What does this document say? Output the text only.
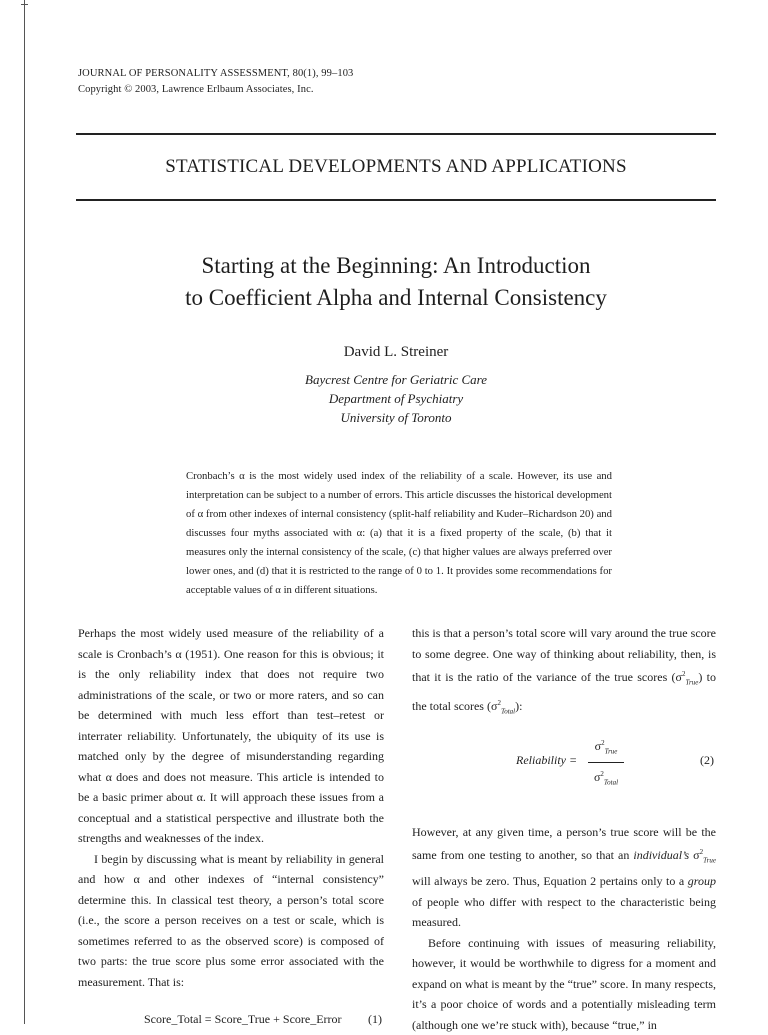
JOURNAL OF PERSONALITY ASSESSMENT, 80(1), 99–103
Copyright © 2003, Lawrence Erlbaum Associates, Inc.
STATISTICAL DEVELOPMENTS AND APPLICATIONS
Starting at the Beginning: An Introduction
to Coefficient Alpha and Internal Consistency
David L. Streiner
Baycrest Centre for Geriatric Care
Department of Psychiatry
University of Toronto

Cronbach’s α is the most widely used index of the reliability of a scale. However, its use and interpretation can be subject to a number of errors. This article discusses the historical development of α from other indexes of internal consistency (split-half reliability and Kuder–Richardson 20) and discusses four myths associated with α: (a) that it is a fixed property of the scale, (b) that it measures only the internal consistency of the scale, (c) that higher values are always preferred over lower ones, and (d) that it is restricted to the range of 0 to 1. It provides some recommendations for acceptable values of α in different situations.

Perhaps the most widely used measure of the reliability of a scale is Cronbach’s α (1951). One reason for this is obvious; it is the only reliability index that does not require two administrations of the scale, or two or more raters, and so can be determined with much less effort than test–retest or interrater reliability. Unfortunately, the ubiquity of its use is matched only by the degree of misunderstanding regarding what α does and does not measure. This article is intended to be a basic primer about α. It will approach these issues from a conceptual and a statistical perspective and illustrate both the strengths and weaknesses of the index.

I begin by discussing what is meant by reliability in general and how α and other indexes of “internal consistency” determine this. In classical test theory, a person’s total score (i.e., the score a person receives on a test or scale, which is sometimes referred to as the observed score) is composed of two parts: the true score plus some error associated with the measurement. That is:

Score_Total = Score_True + Score_Error (1)

this is that a person’s total score will vary around the true score to some degree. One way of thinking about reliability, then, is that it is the ratio of the variance of the true scores $(\sigma^2_{True})$ to the total scores $(\sigma^2_{Total})$:

Reliability =
$\sigma^2_{True}$
$\sigma^2_{Total}$
(2)

However, at any given time, a person’s true score will be the same from one testing to another, so that an individual’s $\sigma^2_{True}$ will always be zero. Thus, Equation 2 pertains only to a group of people who differ with respect to the characteristic being measured.

Before continuing with issues of measuring reliability, however, it would be worthwhile to digress for a moment and expand on what is meant by the “true” score. In many respects, it’s a poor choice of words and a potentially misleading term (although one we’re stuck with), because “true,” in
